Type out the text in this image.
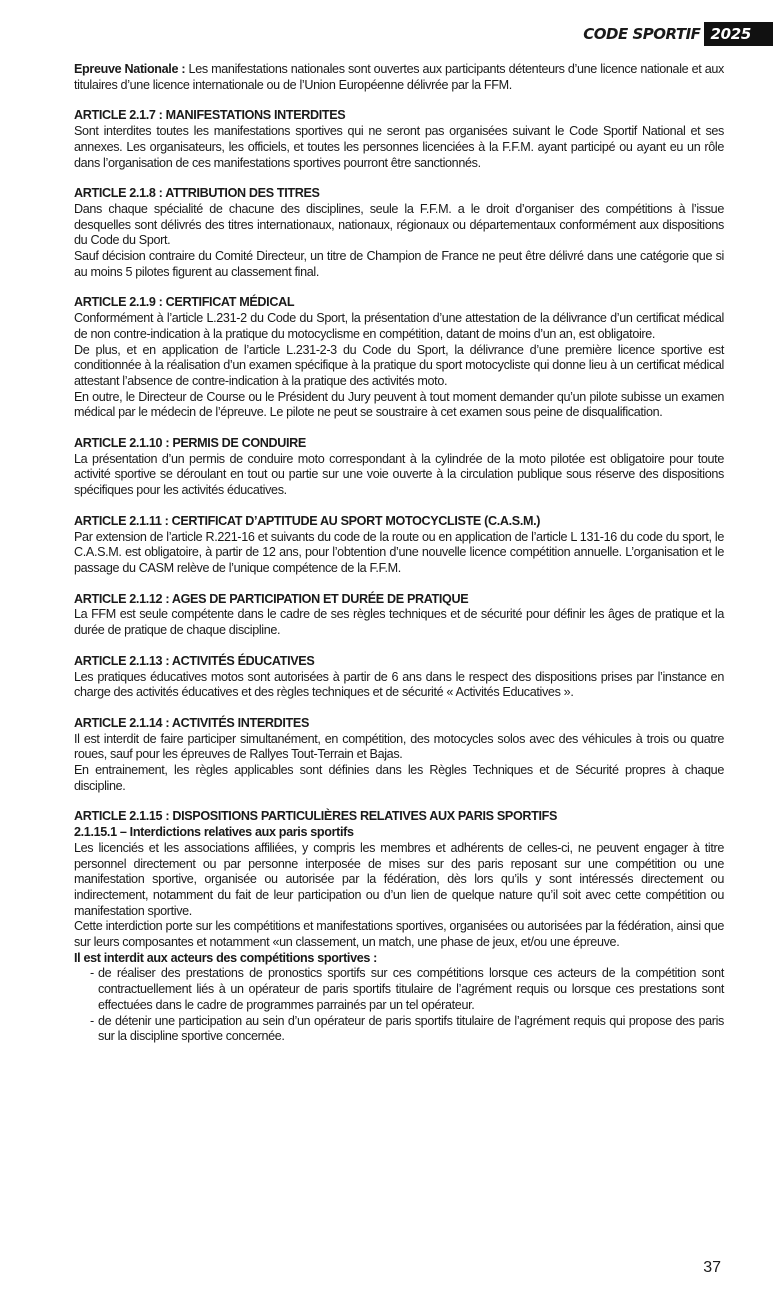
CODE SPORTIF 2025

Epreuve Nationale : Les manifestations nationales sont ouvertes aux participants détenteurs d’une licence nationale et aux titulaires d’une licence internationale ou de l’Union Européenne délivrée par la FFM.

ARTICLE 2.1.7 : MANIFESTATIONS INTERDITES

Sont interdites toutes les manifestations sportives qui ne seront pas organisées suivant le Code Sportif National et ses annexes. Les organisateurs, les officiels, et toutes les personnes licenciées à la F.F.M. ayant participé ou ayant eu un rôle dans l’organisation de ces manifestations sportives pourront être sanctionnés.

ARTICLE 2.1.8 : ATTRIBUTION DES TITRES

Dans chaque spécialité de chacune des disciplines, seule la F.F.M. a le droit d’organiser des compétitions à l’issue desquelles sont délivrés des titres internationaux, nationaux, régionaux ou départementaux conformément aux dispositions du Code du Sport.

Sauf décision contraire du Comité Directeur, un titre de Champion de France ne peut être délivré dans une catégorie que si au moins 5 pilotes figurent au classement final.

ARTICLE 2.1.9 : CERTIFICAT MÉDICAL

Conformément à l’article L.231-2 du Code du Sport, la présentation d’une attestation de la délivrance d’un certificat médical de non contre-indication à la pratique du motocyclisme en compétition, datant de moins d’un an, est obligatoire.

De plus, et en application de l’article L.231-2-3 du Code du Sport, la délivrance d’une première licence sportive est conditionnée à la réalisation d’un examen spécifique à la pratique du sport motocycliste qui donne lieu à un certificat médical attestant l’absence de contre-indication à la pratique des activités moto.

En outre, le Directeur de Course ou le Président du Jury peuvent à tout moment demander qu’un pilote subisse un examen médical par le médecin de l’épreuve. Le pilote ne peut se soustraire à cet examen sous peine de disqualification.

ARTICLE 2.1.10 : PERMIS DE CONDUIRE

La présentation d’un permis de conduire moto correspondant à la cylindrée de la moto pilotée est obligatoire pour toute activité sportive se déroulant en tout ou partie sur une voie ouverte à la circulation publique sous réserve des dispositions spécifiques pour les activités éducatives.

ARTICLE 2.1.11 : CERTIFICAT D’APTITUDE AU SPORT MOTOCYCLISTE (C.A.S.M.)

Par extension de l’article R.221-16 et suivants du code de la route ou en application de l’article L 131-16 du code du sport, le C.A.S.M. est obligatoire, à partir de 12 ans, pour l’obtention d’une nouvelle licence compétition annuelle. L’organisation et le passage du CASM relève de l’unique compétence de la F.F.M.

ARTICLE 2.1.12 : AGES DE PARTICIPATION ET DURÉE DE PRATIQUE

La FFM est seule compétente dans le cadre de ses règles techniques et de sécurité pour définir les âges de pratique et la durée de pratique de chaque discipline.

ARTICLE 2.1.13 : ACTIVITÉS ÉDUCATIVES

Les pratiques éducatives motos sont autorisées à partir de 6 ans dans le respect des dispositions prises par l’instance en charge des activités éducatives et des règles techniques et de sécurité « Activités Educatives ».

ARTICLE 2.1.14 : ACTIVITÉS INTERDITES

Il est interdit de faire participer simultanément, en compétition, des motocycles solos avec des véhicules à trois ou quatre roues, sauf pour les épreuves de Rallyes Tout-Terrain et Bajas.

En entrainement, les règles applicables sont définies dans les Règles Techniques et de Sécurité propres à chaque discipline.

ARTICLE 2.1.15 : DISPOSITIONS PARTICULIÈRES RELATIVES AUX PARIS SPORTIFS
2.1.15.1 – Interdictions relatives aux paris sportifs

Les licenciés et les associations affiliées, y compris les membres et adhérents de celles-ci, ne peuvent engager à titre personnel directement ou par personne interposée de mises sur des paris reposant sur une compétition ou une manifestation sportive, organisée ou autorisée par la fédération, dès lors qu’ils y sont intéressés directement ou indirectement, notamment du fait de leur participation ou d’un lien de quelque nature qu’il soit avec cette compétition ou manifestation sportive.

Cette interdiction porte sur les compétitions et manifestations sportives, organisées ou autorisées par la fédération, ainsi que sur leurs composantes et notamment «un classement, un match, une phase de jeux, et/ou une épreuve.

Il est interdit aux acteurs des compétitions sportives :

- de réaliser des prestations de pronostics sportifs sur ces compétitions lorsque ces acteurs de la compétition sont contractuellement liés à un opérateur de paris sportifs titulaire de l’agrément requis ou lorsque ces prestations sont effectuées dans le cadre de programmes parrainés par un tel opérateur.
- de détenir une participation au sein d’un opérateur de paris sportifs titulaire de l’agrément requis qui propose des paris sur la discipline sportive concernée.
37
